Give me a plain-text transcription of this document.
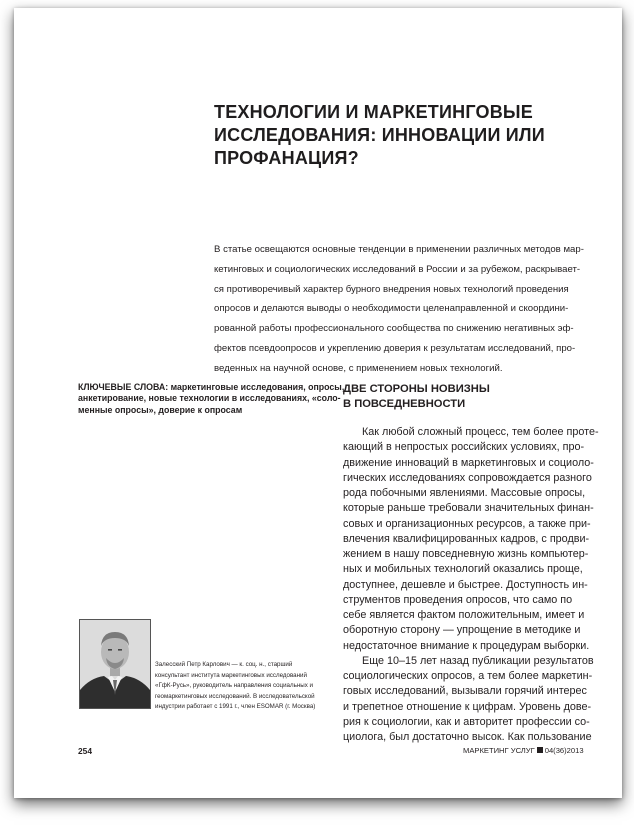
ТЕХНОЛОГИИ И МАРКЕТИНГОВЫЕ
ИССЛЕДОВАНИЯ: ИННОВАЦИИ ИЛИ
ПРОФАНАЦИЯ?
В статье освещаются основные тенденции в применении различных методов мар-
кетинговых и социологических исследований в России и за рубежом, раскрывает-
ся противоречивый характер бурного внедрения новых технологий проведения
опросов и делаются выводы о необходимости целенаправленной и скоордини-
рованной работы профессионального сообщества по снижению негативных эф-
фектов псевдоопросов и укреплению доверия к результатам исследований, про-
веденных на научной основе, с применением новых технологий.
КЛЮЧЕВЫЕ СЛОВА: маркетинговые исследования, опросы,
анкетирование, новые технологии в исследованиях, «соло-
менные опросы», доверие к опросам
ДВЕ СТОРОНЫ НОВИЗНЫ
В ПОВСЕДНЕВНОСТИ
Как любой сложный процесс, тем более проте-
кающий в непростых российских условиях, про-
движение инноваций в маркетинговых и социоло-
гических исследованиях сопровождается разного
рода побочными явлениями. Массовые опросы,
которые раньше требовали значительных финан-
совых и организационных ресурсов, а также при-
влечения квалифицированных кадров, с продви-
жением в нашу повседневную жизнь компьютер-
ных и мобильных технологий оказались проще,
доступнее, дешевле и быстрее. Доступность ин-
струментов проведения опросов, что само по
себе является фактом положительным, имеет и
оборотную сторону — упрощение в методике и
недостаточное внимание к процедурам выборки.
Еще 10–15 лет назад публикации результатов
социологических опросов, а тем более маркетин-
говых исследований, вызывали горячий интерес
и трепетное отношение к цифрам. Уровень дове-
рия к социологии, как и авторитет профессии со-
циолога, был достаточно высок. Как пользование
Залесский Петр Карлович — к. соц. н., старший
консультант института маркетинговых исследований
«ГфК-Русь», руководитель направления социальных и
геомаркетинговых исследований. В исследовательской
индустрии работает с 1991 г., член ESOMAR (г. Москва)
254	МАРКЕТИНГ УСЛУГ 04(36)2013
